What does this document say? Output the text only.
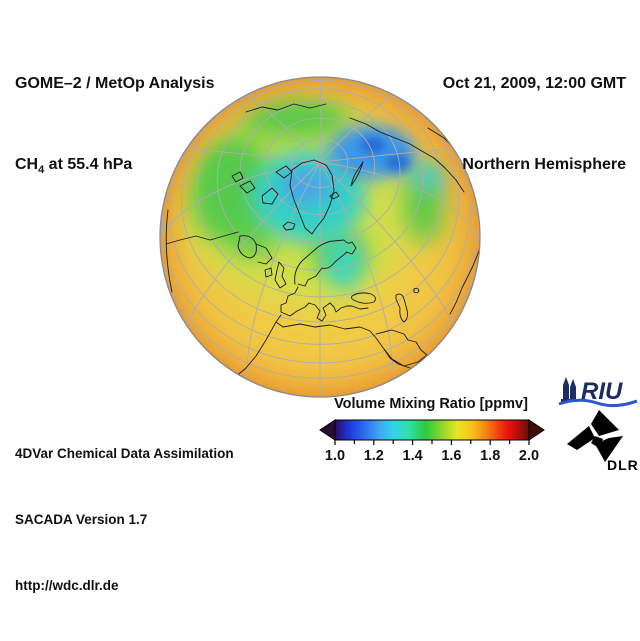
GOME–2 / MetOp Analysis

$CH_4$ at 55.4 hPa

Oct 21, 2009, 12:00 GMT

Northern Hemisphere

4DVar Chemical Data Assimilation

SACADA Version 1.7

http://wdc.dlr.de

Volume Mixing Ratio [ppmv]
1.0 1.2 1.4 1.6 1.8 2.0
RIU
DLR
